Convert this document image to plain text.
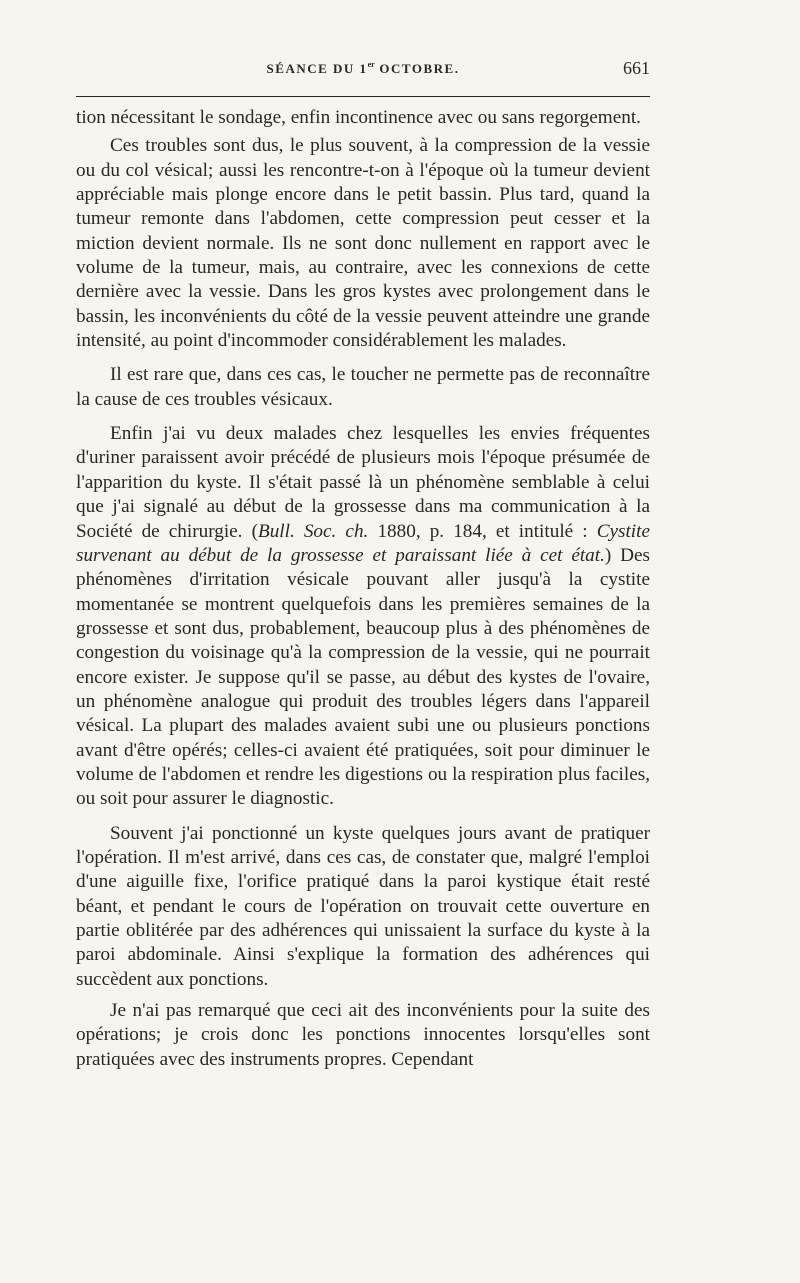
SÉANCE DU 1er OCTOBRE.	661

tion nécessitant le sondage, enfin incontinence avec ou sans regorgement.

Ces troubles sont dus, le plus souvent, à la compression de la vessie ou du col vésical; aussi les rencontre-t-on à l'époque où la tumeur devient appréciable mais plonge encore dans le petit bassin. Plus tard, quand la tumeur remonte dans l'abdomen, cette compression peut cesser et la miction devient normale. Ils ne sont donc nullement en rapport avec le volume de la tumeur, mais, au contraire, avec les connexions de cette dernière avec la vessie. Dans les gros kystes avec prolongement dans le bassin, les inconvénients du côté de la vessie peuvent atteindre une grande intensité, au point d'incommoder considérablement les malades.

Il est rare que, dans ces cas, le toucher ne permette pas de reconnaître la cause de ces troubles vésicaux.

Enfin j'ai vu deux malades chez lesquelles les envies fréquentes d'uriner paraissent avoir précédé de plusieurs mois l'époque présumée de l'apparition du kyste. Il s'était passé là un phénomène semblable à celui que j'ai signalé au début de la grossesse dans ma communication à la Société de chirurgie. (Bull. Soc. ch. 1880, p. 184, et intitulé : Cystite survenant au début de la grossesse et paraissant liée à cet état.) Des phénomènes d'irritation vésicale pouvant aller jusqu'à la cystite momentanée se montrent quelquefois dans les premières semaines de la grossesse et sont dus, probablement, beaucoup plus à des phénomènes de congestion du voisinage qu'à la compression de la vessie, qui ne pourrait encore exister. Je suppose qu'il se passe, au début des kystes de l'ovaire, un phénomène analogue qui produit des troubles légers dans l'appareil vésical. La plupart des malades avaient subi une ou plusieurs ponctions avant d'être opérés; celles-ci avaient été pratiquées, soit pour diminuer le volume de l'abdomen et rendre les digestions ou la respiration plus faciles, ou soit pour assurer le diagnostic.

Souvent j'ai ponctionné un kyste quelques jours avant de pratiquer l'opération. Il m'est arrivé, dans ces cas, de constater que, malgré l'emploi d'une aiguille fixe, l'orifice pratiqué dans la paroi kystique était resté béant, et pendant le cours de l'opération on trouvait cette ouverture en partie oblitérée par des adhérences qui unissaient la surface du kyste à la paroi abdominale. Ainsi s'explique la formation des adhérences qui succèdent aux ponctions.

Je n'ai pas remarqué que ceci ait des inconvénients pour la suite des opérations; je crois donc les ponctions innocentes lorsqu'elles sont pratiquées avec des instruments propres. Cependant
